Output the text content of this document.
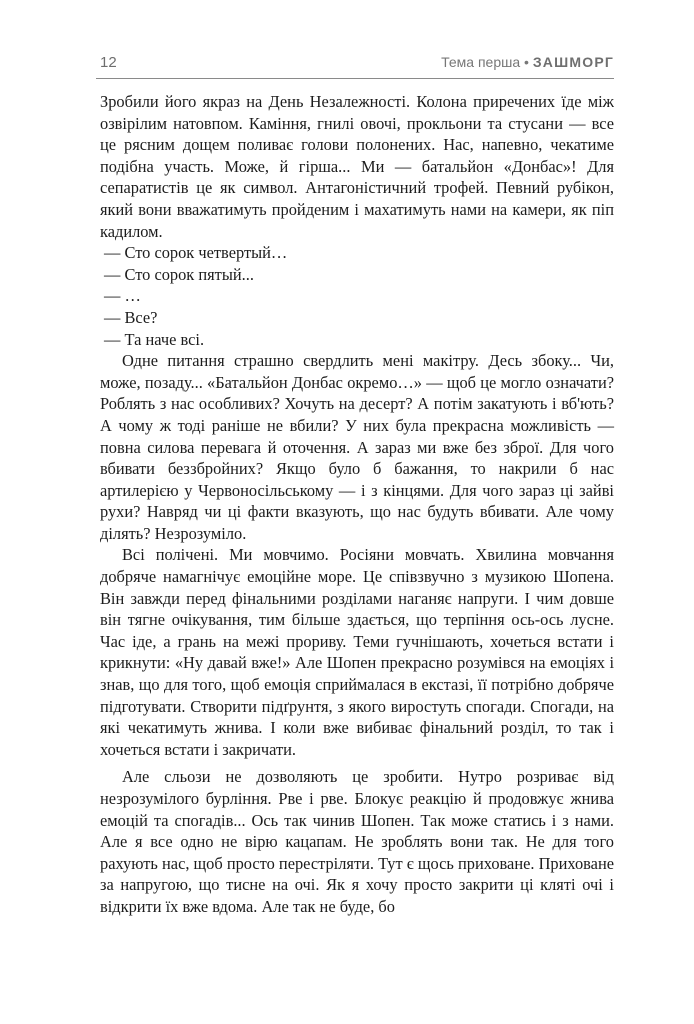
12	Тема перша • ЗАШМОРГ

Зробили його якраз на День Незалежності. Колона приречених їде між озвірілим натовпом. Каміння, гнилі овочі, прокльони та стусани — все це рясним дощем поливає голови полонених. Нас, напевно, чекатиме подібна участь. Може, й гірша... Ми — батальйон «Донбас»! Для сепаратистів це як символ. Антагоністичний трофей. Певний рубікон, який вони вважатимуть пройденим і махатимуть нами на камери, як піп кадилом.

— Сто сорок четвертый…

— Сто сорок пятый...

— …

— Все?

— Та наче всі.

Одне питання страшно свердлить мені макітру. Десь збоку... Чи, може, позаду... «Батальйон Донбас окремо…» — щоб це могло означати? Роблять з нас особливих? Хочуть на десерт? А потім закатують і вб'ють? А чому ж тоді раніше не вбили? У них була прекрасна можливість — повна силова перевага й оточення. А зараз ми вже без зброї. Для чого вбивати беззбройних? Якщо було б бажання, то накрили б нас артилерією у Червоносільському — і з кінцями. Для чого зараз ці зайві рухи? Навряд чи ці факти вказують, що нас будуть вбивати. Але чому ділять? Незрозуміло.

Всі полічені. Ми мовчимо. Росіяни мовчать. Хвилина мовчання добряче намагнічує емоційне море. Це співзвучно з музикою Шопена. Він завжди перед фінальними розділами наганяє напруги. І чим довше він тягне очікування, тим більше здається, що терпіння ось-ось лусне. Час іде, а грань на межі прориву. Теми гучнішають, хочеться встати і крикнути: «Ну давай вже!» Але Шопен прекрасно розумівся на емоціях і знав, що для того, щоб емоція сприймалася в екстазі, її потрібно добряче підготувати. Створити підґрунтя, з якого виростуть спогади. Спогади, на які чекатимуть жнива. І коли вже вибиває фінальний розділ, то так і хочеться встати і закричати.

Але сльози не дозволяють це зробити. Нутро розриває від незрозумілого бурління. Рве і рве. Блокує реакцію й продовжує жнива емоцій та спогадів... Ось так чинив Шопен. Так може статись і з нами. Але я все одно не вірю кацапам. Не зроблять вони так. Не для того рахують нас, щоб просто перестріляти. Тут є щось приховане. Приховане за напругою, що тисне на очі. Як я хочу просто закрити ці кляті очі і відкрити їх вже вдома. Але так не буде, бо
